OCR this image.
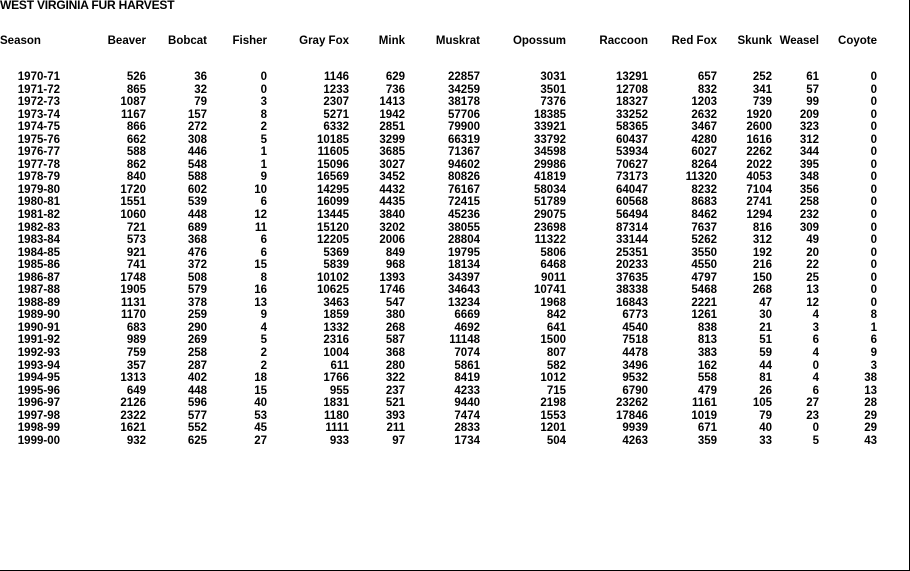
WEST VIRGINIA FUR HARVEST
Season	Beaver	Bobcat	Fisher	Gray Fox	Mink	Muskrat	Opossum	Raccoon	Red Fox	Skunk	Weasel	Coyote

1970-71	526	36	0	1146	629	22857	3031	13291	657	252	61	0
1971-72	865	32	0	1233	736	34259	3501	12708	832	341	57	0
1972-73	1087	79	3	2307	1413	38178	7376	18327	1203	739	99	0
1973-74	1167	157	8	5271	1942	57706	18385	33252	2632	1920	209	0
1974-75	866	272	2	6332	2851	79900	33921	58365	3467	2600	323	0
1975-76	662	308	5	10185	3299	66319	33792	60437	4280	1616	312	0
1976-77	588	446	1	11605	3685	71367	34598	53934	6027	2262	344	0
1977-78	862	548	1	15096	3027	94602	29986	70627	8264	2022	395	0
1978-79	840	588	9	16569	3452	80826	41819	73173	11320	4053	348	0
1979-80	1720	602	10	14295	4432	76167	58034	64047	8232	7104	356	0
1980-81	1551	539	6	16099	4435	72415	51789	60568	8683	2741	258	0
1981-82	1060	448	12	13445	3840	45236	29075	56494	8462	1294	232	0
1982-83	721	689	11	15120	3202	38055	23698	87314	7637	816	309	0
1983-84	573	368	6	12205	2006	28804	11322	33144	5262	312	49	0
1984-85	921	476	6	5369	849	19795	5806	25351	3550	192	20	0
1985-86	741	372	15	5839	968	18134	6468	20233	4550	216	22	0
1986-87	1748	508	8	10102	1393	34397	9011	37635	4797	150	25	0
1987-88	1905	579	16	10625	1746	34643	10741	38338	5468	268	13	0
1988-89	1131	378	13	3463	547	13234	1968	16843	2221	47	12	0
1989-90	1170	259	9	1859	380	6669	842	6773	1261	30	4	8
1990-91	683	290	4	1332	268	4692	641	4540	838	21	3	1
1991-92	989	269	5	2316	587	11148	1500	7518	813	51	6	6
1992-93	759	258	2	1004	368	7074	807	4478	383	59	4	9
1993-94	357	287	2	611	280	5861	582	3496	162	44	0	3
1994-95	1313	402	18	1766	322	8419	1012	9532	558	81	4	38
1995-96	649	448	15	955	237	4233	715	6790	479	26	6	13
1996-97	2126	596	40	1831	521	9440	2198	23262	1161	105	27	28
1997-98	2322	577	53	1180	393	7474	1553	17846	1019	79	23	29
1998-99	1621	552	45	1111	211	2833	1201	9939	671	40	0	29
1999-00	932	625	27	933	97	1734	504	4263	359	33	5	43
